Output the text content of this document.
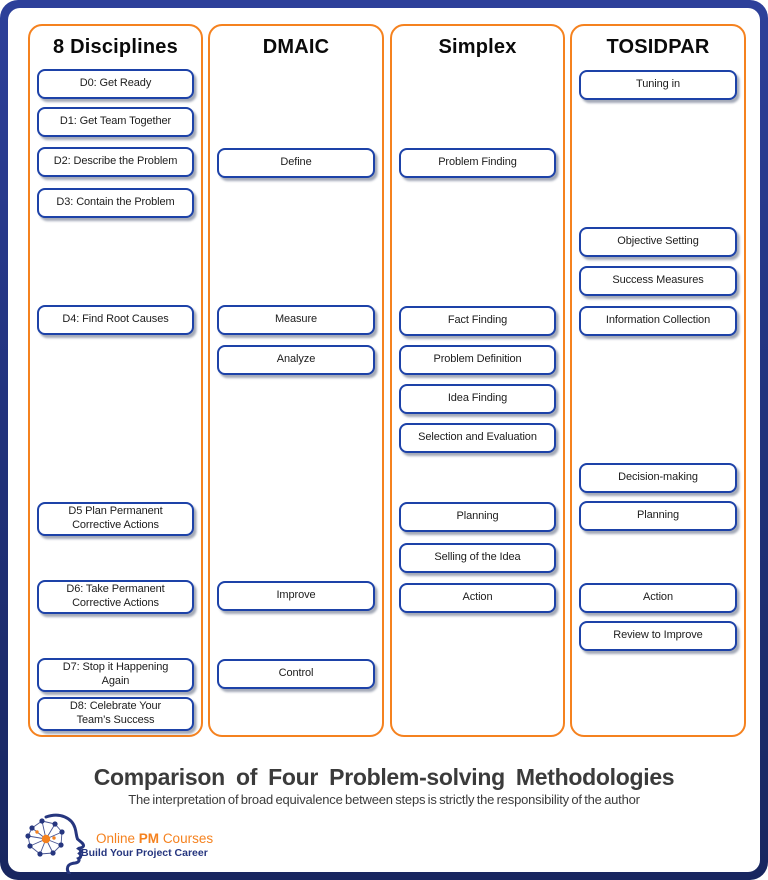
8 Disciplines
D0: Get Ready
D1: Get Team Together
D2: Describe the Problem
D3: Contain the Problem
D4: Find Root Causes
D5 Plan Permanent Corrective Actions
D6: Take Permanent Corrective Actions
D7: Stop it Happening Again
D8: Celebrate Your Team’s Success
DMAIC
Define
Measure
Analyze
Improve
Control
Simplex
Problem Finding
Fact Finding
Problem Definition
Idea Finding
Selection and Evaluation
Planning
Selling of the Idea
Action
TOSIDPAR
Tuning in
Objective Setting
Success Measures
Information Collection
Decision-making
Planning
Action
Review to Improve
Comparison of Four Problem-solving Methodologies
The interpretation of broad equivalence between steps is strictly the responsibility of the author
Online PM Courses
Build Your Project Career
